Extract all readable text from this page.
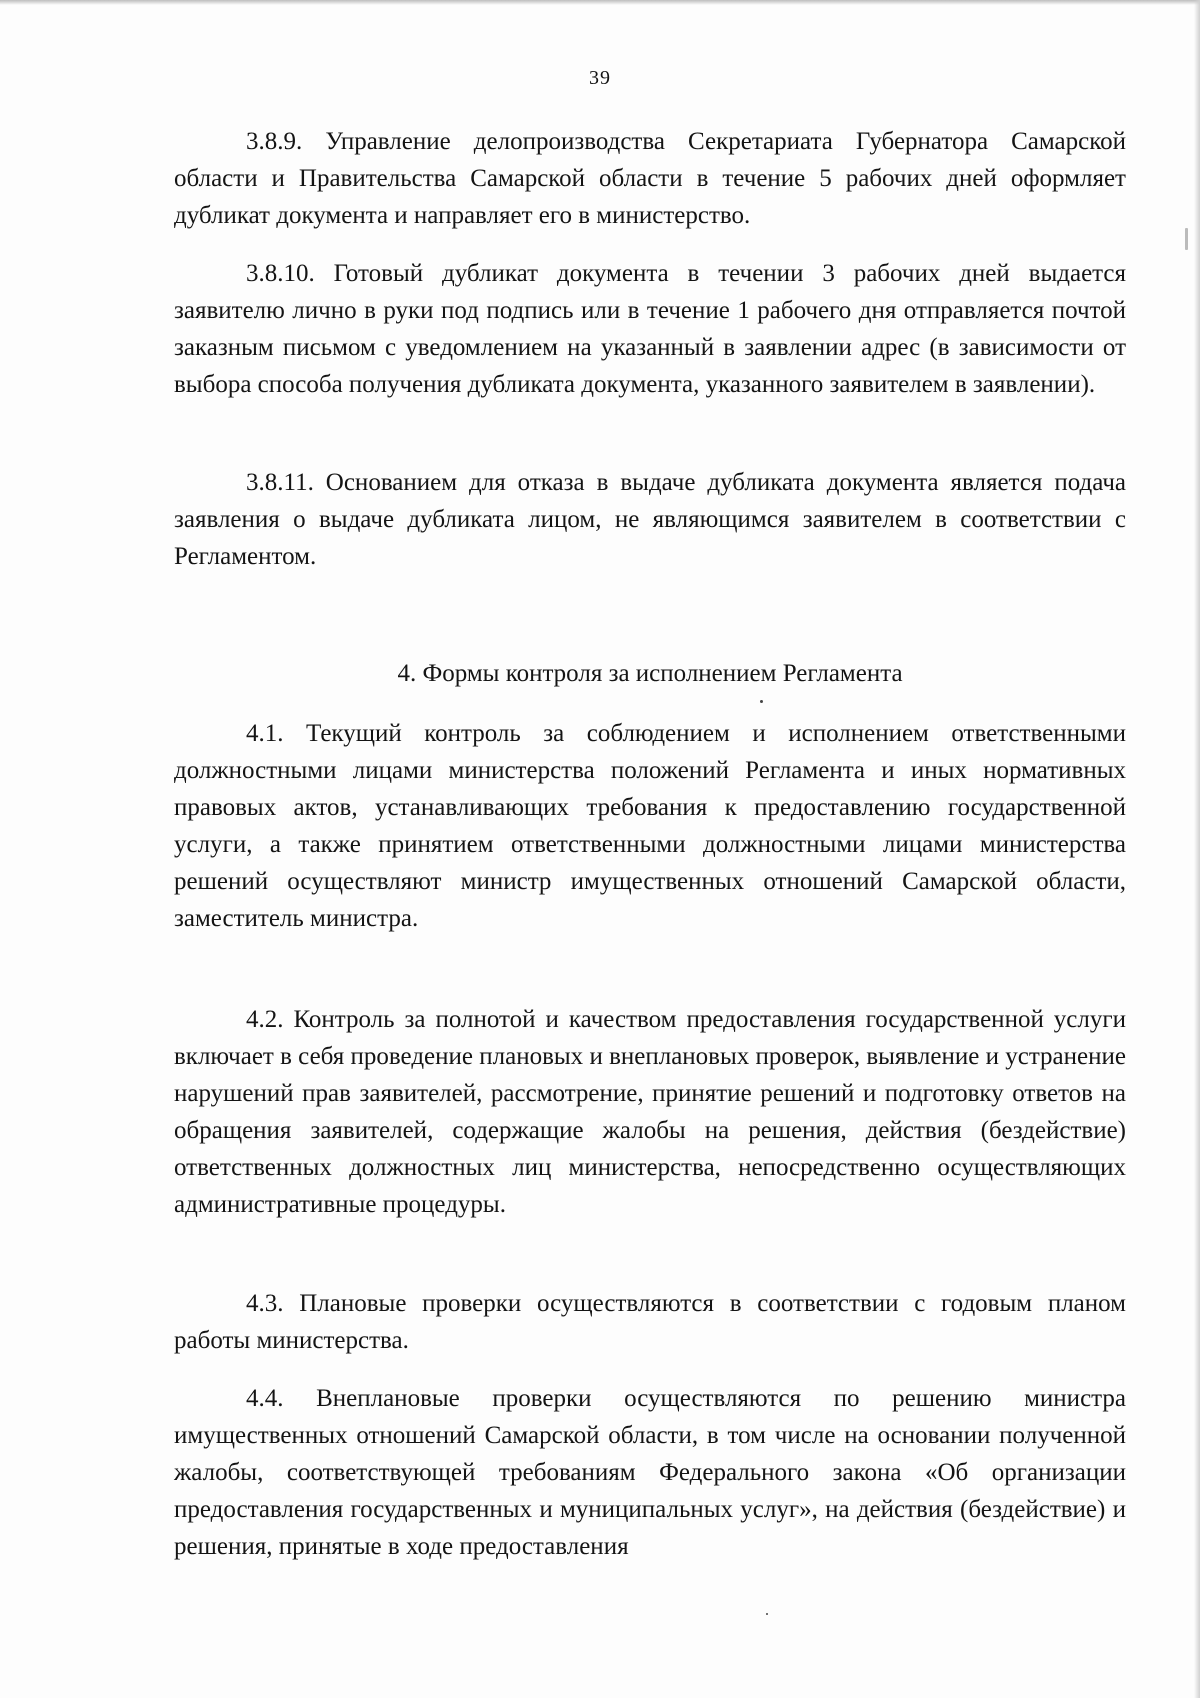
39

3.8.9. Управление делопроизводства Секретариата Губернатора Самарской области и Правительства Самарской области в течение 5 рабочих дней оформляет дубликат документа и направляет его в министерство.

3.8.10. Готовый дубликат документа в течении 3 рабочих дней выдается заявителю лично в руки под подпись или в течение 1 рабочего дня отправляется почтой заказным письмом с уведомлением на указанный в заявлении адрес (в зависимости от выбора способа получения дубликата документа, указанного заявителем в заявлении).

3.8.11. Основанием для отказа в выдаче дубликата документа является подача заявления о выдаче дубликата лицом, не являющимся заявителем в соответствии с Регламентом.

4. Формы контроля за исполнением Регламента

4.1. Текущий контроль за соблюдением и исполнением ответственными должностными лицами министерства положений Регламента и иных нормативных правовых актов, устанавливающих требования к предоставлению государственной услуги, а также принятием ответственными должностными лицами министерства решений осуществляют министр имущественных отношений Самарской области, заместитель министра.

4.2. Контроль за полнотой и качеством предоставления государственной услуги включает в себя проведение плановых и внеплановых проверок, выявление и устранение нарушений прав заявителей, рассмотрение, принятие решений и подготовку ответов на обращения заявителей, содержащие жалобы на решения, действия (бездействие) ответственных должностных лиц министерства, непосредственно осуществляющих административные процедуры.

4.3. Плановые проверки осуществляются в соответствии с годовым планом работы министерства.

4.4. Внеплановые проверки осуществляются по решению министра имущественных отношений Самарской области, в том числе на основании полученной жалобы, соответствующей требованиям Федерального закона «Об организации предоставления государственных и муниципальных услуг», на действия (бездействие) и решения, принятые в ходе предоставления
